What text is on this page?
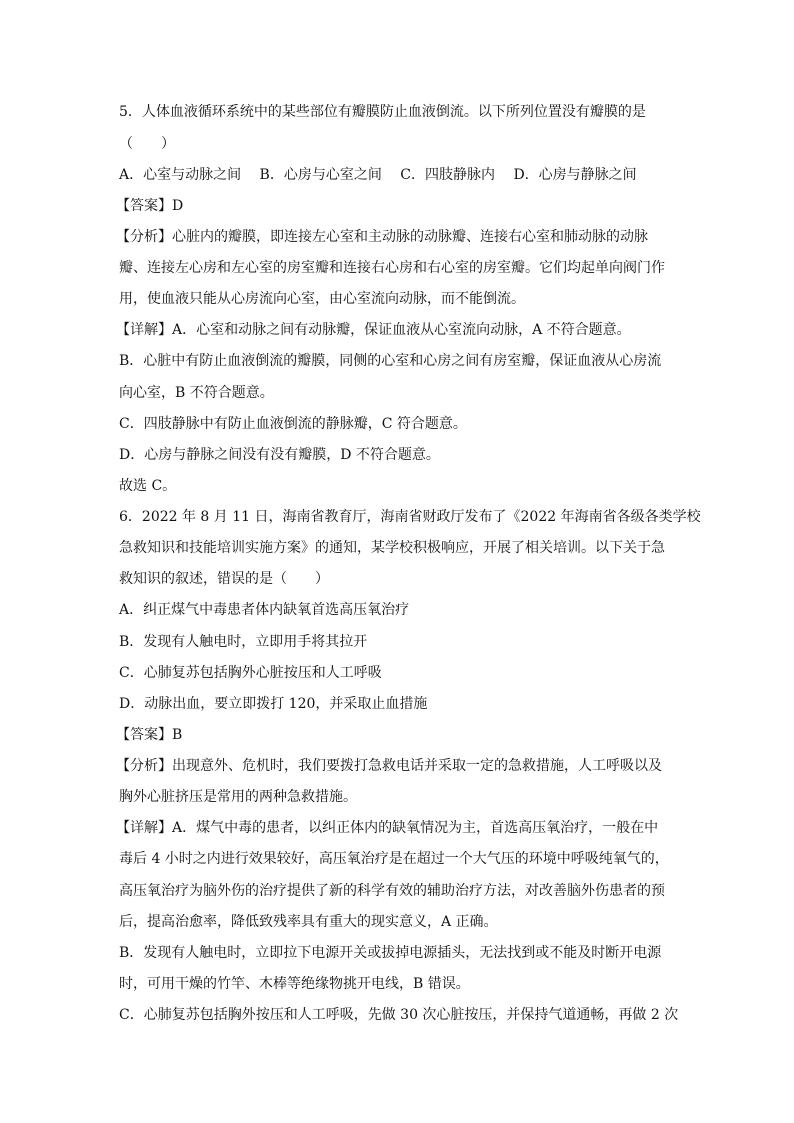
5．人体血液循环系统中的某些部位有瓣膜防止血液倒流。以下所列位置没有瓣膜的是
（　　）
A．心室与动脉之间　 B．心房与心室之间　 C．四肢静脉内　 D．心房与静脉之间
【答案】D
【分析】心脏内的瓣膜，即连接左心室和主动脉的动脉瓣、连接右心室和肺动脉的动脉
瓣、连接左心房和左心室的房室瓣和连接右心房和右心室的房室瓣。它们均起单向阀门作
用，使血液只能从心房流向心室，由心室流向动脉，而不能倒流。
【详解】A．心室和动脉之间有动脉瓣，保证血液从心室流向动脉，A 不符合题意。
B．心脏中有防止血液倒流的瓣膜，同侧的心室和心房之间有房室瓣，保证血液从心房流
向心室，B 不符合题意。
C．四肢静脉中有防止血液倒流的静脉瓣，C 符合题意。
D．心房与静脉之间没有没有瓣膜，D 不符合题意。
故选 C。
6．2022 年 8 月 11 日，海南省教育厅，海南省财政厅发布了《2022 年海南省各级各类学校
急救知识和技能培训实施方案》的通知，某学校积极响应，开展了相关培训。以下关于急
救知识的叙述，错误的是（　　）
A．纠正煤气中毒患者体内缺氧首选高压氧治疗
B．发现有人触电时，立即用手将其拉开
C．心肺复苏包括胸外心脏按压和人工呼吸
D．动脉出血，要立即拨打 120，并采取止血措施
【答案】B
【分析】出现意外、危机时，我们要拨打急救电话并采取一定的急救措施，人工呼吸以及
胸外心脏挤压是常用的两种急救措施。
【详解】A．煤气中毒的患者，以纠正体内的缺氧情况为主，首选高压氧治疗，一般在中
毒后 4 小时之内进行效果较好，高压氧治疗是在超过一个大气压的环境中呼吸纯氧气的，
高压氧治疗为脑外伤的治疗提供了新的科学有效的辅助治疗方法，对改善脑外伤患者的预
后，提高治愈率，降低致残率具有重大的现实意义，A 正确。
B．发现有人触电时，立即拉下电源开关或拔掉电源插头，无法找到或不能及时断开电源
时，可用干燥的竹竿、木棒等绝缘物挑开电线，B 错误。
C．心肺复苏包括胸外按压和人工呼吸，先做 30 次心脏按压，并保持气道通畅，再做 2 次
